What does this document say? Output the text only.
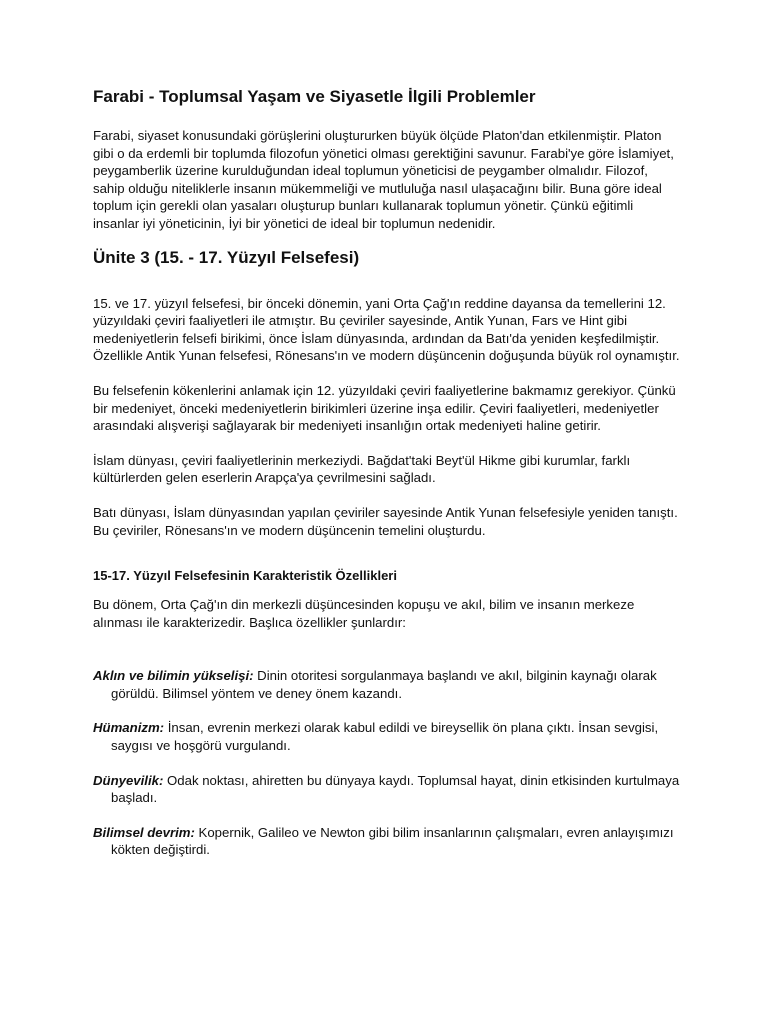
Farabi - Toplumsal Yaşam ve Siyasetle İlgili Problemler

Farabi, siyaset konusundaki görüşlerini oluştururken büyük ölçüde Platon'dan etkilenmiştir. Platon gibi o da erdemli bir toplumda filozofun yönetici olması gerektiğini savunur. Farabi'ye göre İslamiyet, peygamberlik üzerine kurulduğundan ideal toplumun yöneticisi de peygamber olmalıdır. Filozof, sahip olduğu niteliklerle insanın mükemmeliği ve mutluluğa nasıl ulaşacağını bilir. Buna göre ideal toplum için gerekli olan yasaları oluşturup bunları kullanarak toplumun yönetir. Çünkü eğitimli insanlar iyi yöneticinin, İyi bir yönetici de ideal bir toplumun nedenidir.

Ünite 3 (15. - 17. Yüzyıl Felsefesi)

15. ve 17. yüzyıl felsefesi, bir önceki dönemin, yani Orta Çağ'ın reddine dayansa da temellerini 12. yüzyıldaki çeviri faaliyetleri ile atmıştır. Bu çeviriler sayesinde, Antik Yunan, Fars ve Hint gibi medeniyetlerin felsefi birikimi, önce İslam dünyasında, ardından da Batı'da yeniden keşfedilmiştir. Özellikle Antik Yunan felsefesi, Rönesans'ın ve modern düşüncenin doğuşunda büyük rol oynamıştır.

Bu felsefenin kökenlerini anlamak için 12. yüzyıldaki çeviri faaliyetlerine bakmamız gerekiyor. Çünkü bir medeniyet, önceki medeniyetlerin birikimleri üzerine inşa edilir. Çeviri faaliyetleri, medeniyetler arasındaki alışverişi sağlayarak bir medeniyeti insanlığın ortak medeniyeti haline getirir.

İslam dünyası, çeviri faaliyetlerinin merkeziydi. Bağdat'taki Beyt'ül Hikme gibi kurumlar, farklı kültürlerden gelen eserlerin Arapça'ya çevrilmesini sağladı.

Batı dünyası, İslam dünyasından yapılan çeviriler sayesinde Antik Yunan felsefesiyle yeniden tanıştı. Bu çeviriler, Rönesans'ın ve modern düşüncenin temelini oluşturdu.

15-17. Yüzyıl Felsefesinin Karakteristik Özellikleri

Bu dönem, Orta Çağ'ın din merkezli düşüncesinden kopuşu ve akıl, bilim ve insanın merkeze alınması ile karakterizedir. Başlıca özellikler şunlardır:

Aklın ve bilimin yükselişi: Dinin otoritesi sorgulanmaya başlandı ve akıl, bilginin kaynağı olarak görüldü. Bilimsel yöntem ve deney önem kazandı.

Hümanizm: İnsan, evrenin merkezi olarak kabul edildi ve bireysellik ön plana çıktı. İnsan sevgisi, saygısı ve hoşgörü vurgulandı.

Dünyevilik: Odak noktası, ahiretten bu dünyaya kaydı. Toplumsal hayat, dinin etkisinden kurtulmaya başladı.

Bilimsel devrim: Kopernik, Galileo ve Newton gibi bilim insanlarının çalışmaları, evren anlayışımızı kökten değiştirdi.
